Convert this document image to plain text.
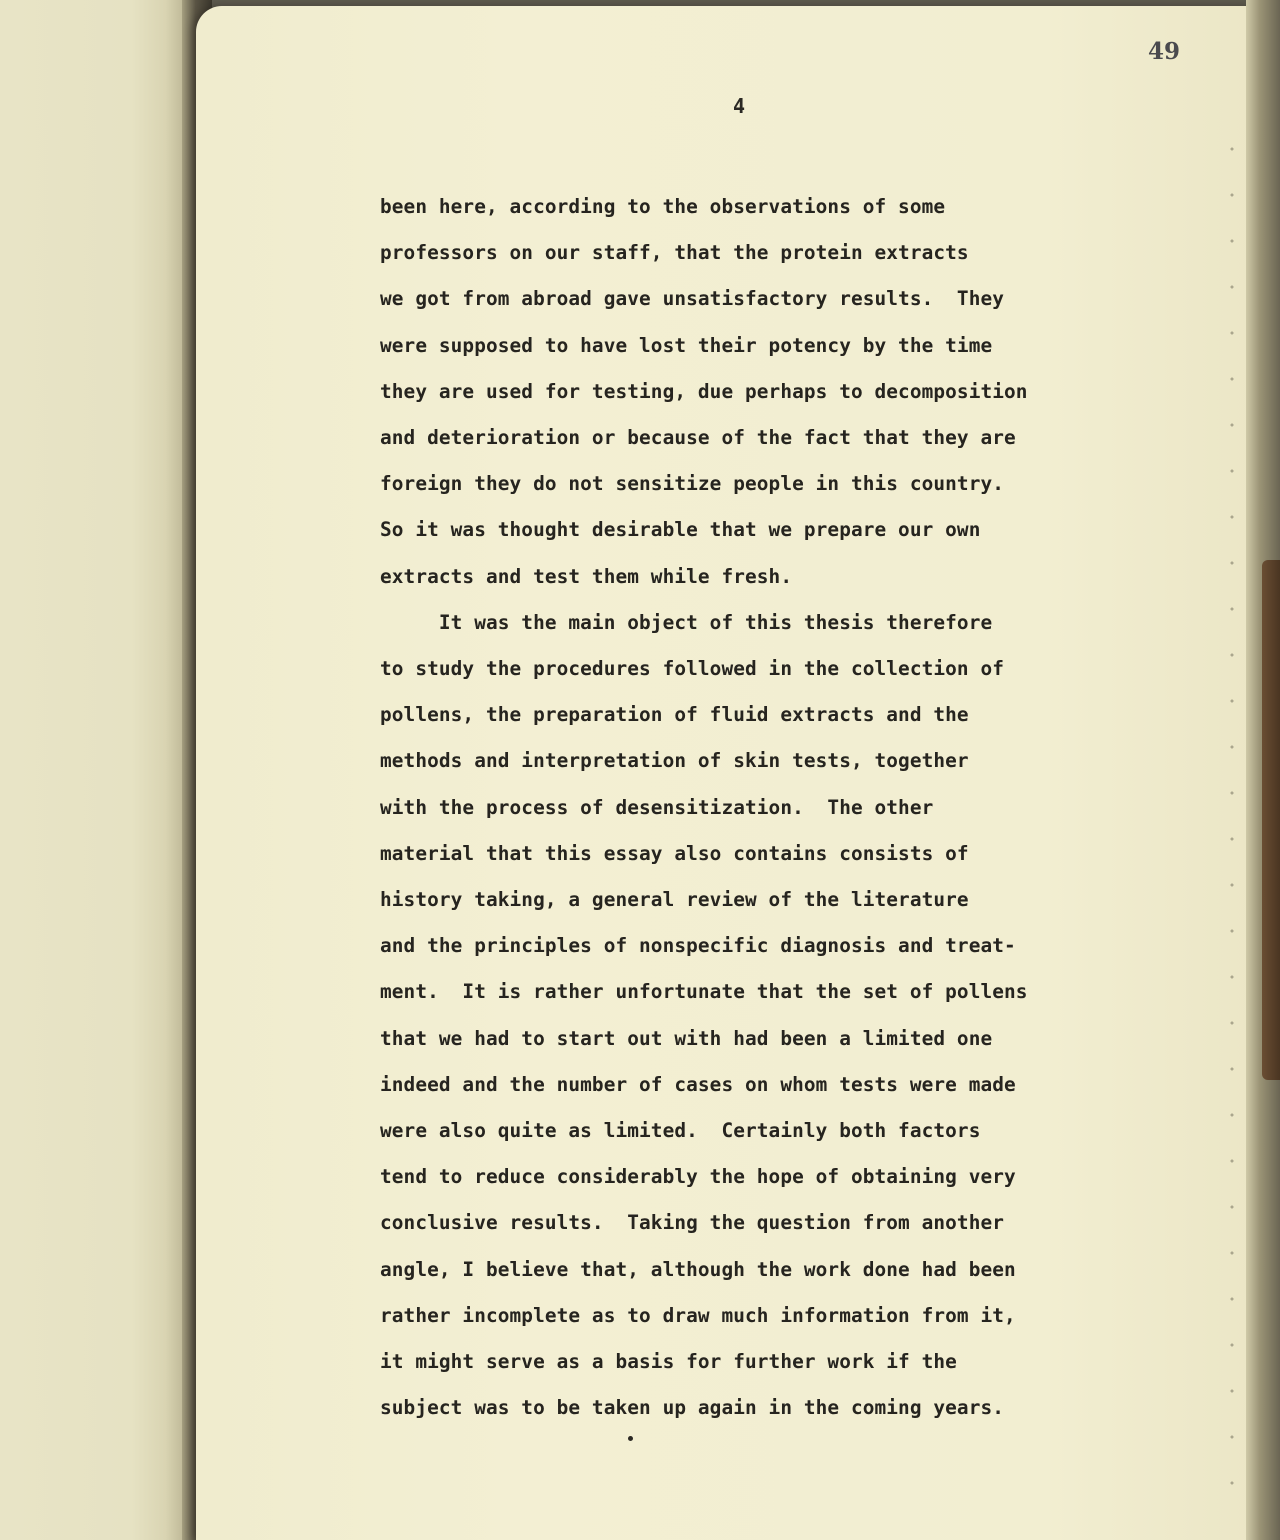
49
4
been here, according to the observations of some
professors on our staff, that the protein extracts
we got from abroad gave unsatisfactory results.  They
were supposed to have lost their potency by the time
they are used for testing, due perhaps to decomposition
and deterioration or because of the fact that they are
foreign they do not sensitize people in this country.
So it was thought desirable that we prepare our own
extracts and test them while fresh.
It was the main object of this thesis therefore
to study the procedures followed in the collection of
pollens, the preparation of fluid extracts and the
methods and interpretation of skin tests, together
with the process of desensitization.  The other
material that this essay also contains consists of
history taking, a general review of the literature
and the principles of nonspecific diagnosis and treat-
ment.  It is rather unfortunate that the set of pollens
that we had to start out with had been a limited one
indeed and the number of cases on whom tests were made
were also quite as limited.  Certainly both factors
tend to reduce considerably the hope of obtaining very
conclusive results.  Taking the question from another
angle, I believe that, although the work done had been
rather incomplete as to draw much information from it,
it might serve as a basis for further work if the
subject was to be taken up again in the coming years.
